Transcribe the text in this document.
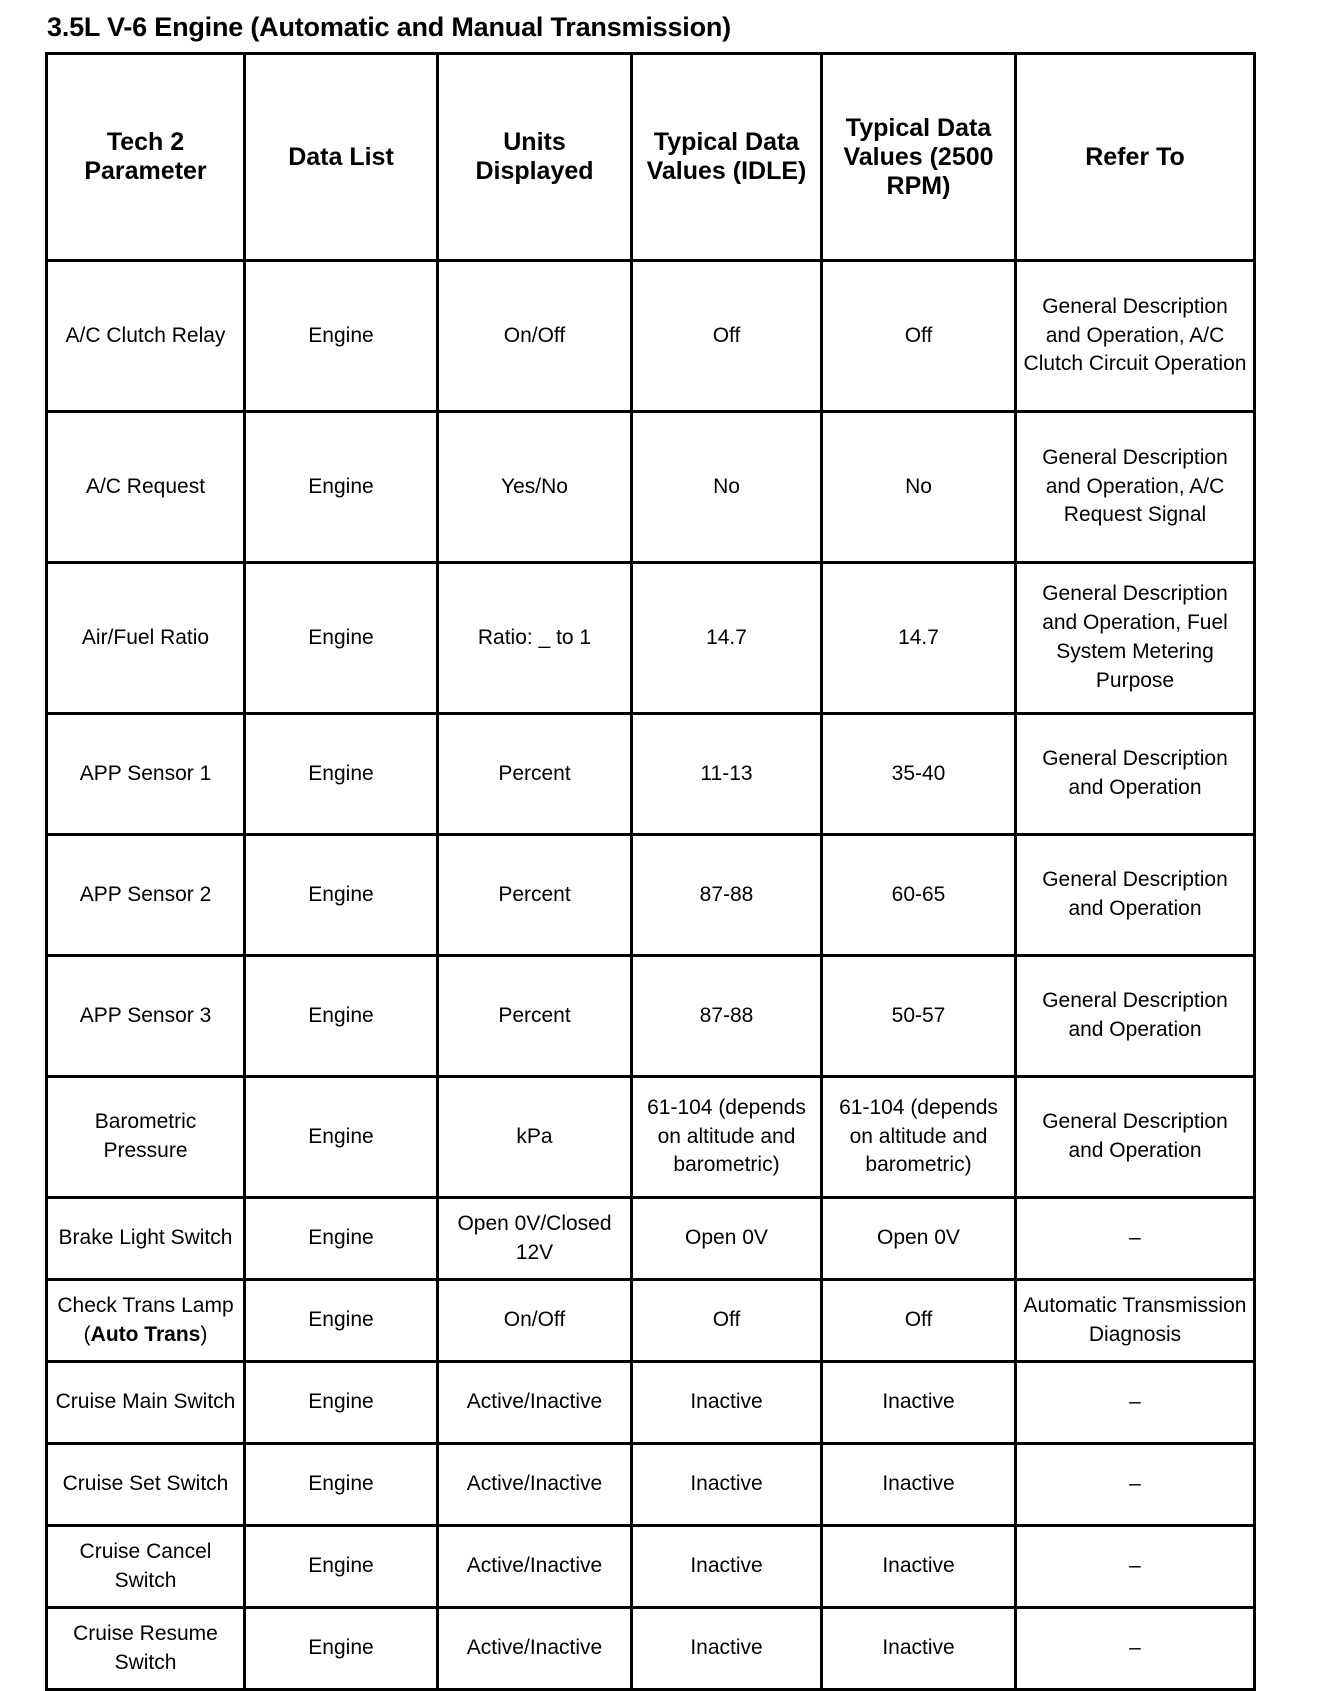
3.5L V-6 Engine (Automatic and Manual Transmission)
Tech 2 Parameter	Data List	Units Displayed	Typical Data Values (IDLE)	Typical Data Values (2500 RPM)	Refer To
A/C Clutch Relay	Engine	On/Off	Off	Off	General Description and Operation, A/C Clutch Circuit Operation
A/C Request	Engine	Yes/No	No	No	General Description and Operation, A/C Request Signal
Air/Fuel Ratio	Engine	Ratio: _ to 1	14.7	14.7	General Description and Operation, Fuel System Metering Purpose
APP Sensor 1	Engine	Percent	11-13	35-40	General Description and Operation
APP Sensor 2	Engine	Percent	87-88	60-65	General Description and Operation
APP Sensor 3	Engine	Percent	87-88	50-57	General Description and Operation
Barometric Pressure	Engine	kPa	61-104 (depends on altitude and barometric)	61-104 (depends on altitude and barometric)	General Description and Operation
Brake Light Switch	Engine	Open 0V/Closed 12V	Open 0V	Open 0V	–
Check Trans Lamp (Auto Trans)	Engine	On/Off	Off	Off	Automatic Transmission Diagnosis
Cruise Main Switch	Engine	Active/Inactive	Inactive	Inactive	–
Cruise Set Switch	Engine	Active/Inactive	Inactive	Inactive	–
Cruise Cancel Switch	Engine	Active/Inactive	Inactive	Inactive	–
Cruise Resume Switch	Engine	Active/Inactive	Inactive	Inactive	–
